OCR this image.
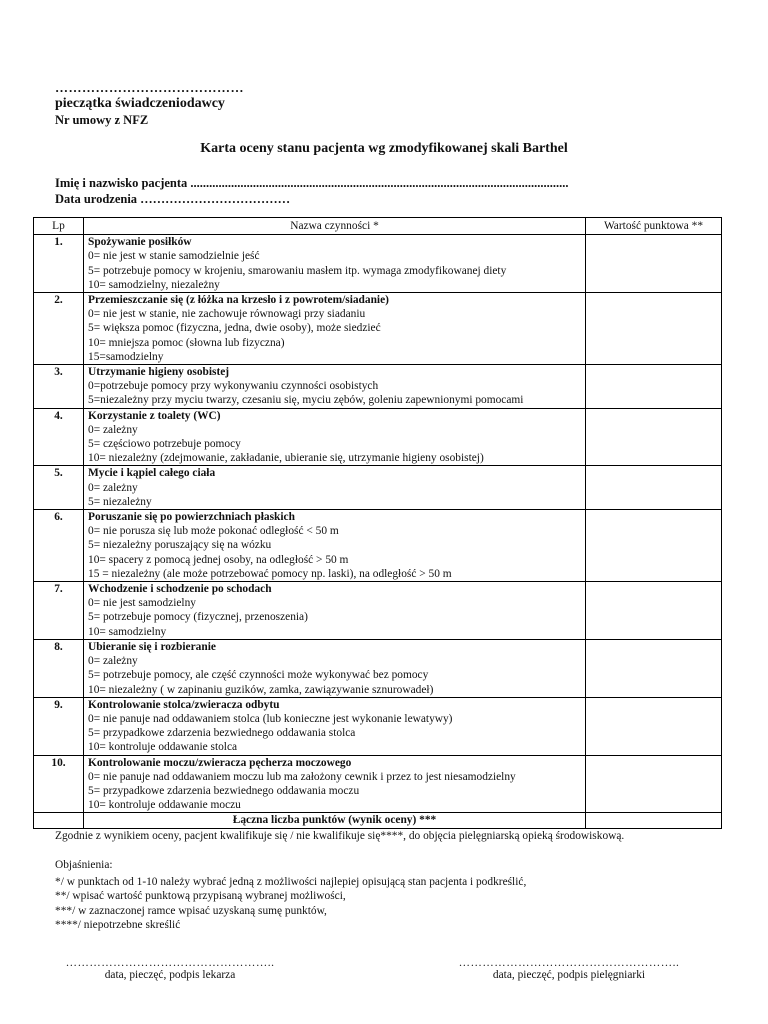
……………………………………
pieczątka świadczeniodawcy
Nr umowy z NFZ
Karta oceny stanu pacjenta wg zmodyfikowanej skali Barthel
Imię i nazwisko pacjenta .........................................................................................................................
Data urodzenia ………………………………
Lp	Nazwa czynności *	Wartość punktowa **
1.	Spożywanie posiłków
0= nie jest w stanie samodzielnie jeść
5= potrzebuje pomocy w krojeniu, smarowaniu masłem itp. wymaga zmodyfikowanej diety
10= samodzielny, niezależny	

2.	Przemieszczanie się (z łóżka na krzesło i z powrotem/siadanie)
0= nie jest w stanie, nie zachowuje równowagi przy siadaniu
5= większa pomoc (fizyczna, jedna, dwie osoby), może siedzieć
10= mniejsza pomoc (słowna lub fizyczna)
15=samodzielny	

3.	Utrzymanie higieny osobistej
0=potrzebuje pomocy przy wykonywaniu czynności osobistych
5=niezależny przy myciu twarzy, czesaniu się, myciu zębów, goleniu zapewnionymi pomocami	

4.	Korzystanie z toalety (WC)
0= zależny
5= częściowo potrzebuje pomocy
10= niezależny (zdejmowanie, zakładanie, ubieranie się, utrzymanie higieny osobistej)	

5.	Mycie i kąpiel całego ciała
0= zależny
5= niezależny	

6.	Poruszanie się po powierzchniach płaskich
0= nie porusza się lub może pokonać odległość < 50 m
5= niezależny poruszający się na wózku
10= spacery z pomocą jednej osoby, na odległość > 50 m
15 = niezależny (ale może potrzebować pomocy np. laski), na odległość > 50 m	

7.	Wchodzenie i schodzenie po schodach
0= nie jest samodzielny
5= potrzebuje pomocy (fizycznej, przenoszenia)
10= samodzielny	

8.	Ubieranie się i rozbieranie
0= zależny
5= potrzebuje pomocy, ale część czynności może wykonywać bez pomocy
10= niezależny ( w zapinaniu guzików, zamka, zawiązywanie sznurowadeł)	

9.	Kontrolowanie stolca/zwieracza odbytu
0= nie panuje nad oddawaniem stolca (lub konieczne jest wykonanie lewatywy)
5= przypadkowe zdarzenia bezwiednego oddawania stolca
10= kontroluje oddawanie stolca	

10.	Kontrolowanie moczu/zwieracza pęcherza moczowego
0= nie panuje nad oddawaniem moczu lub ma założony cewnik i przez to jest niesamodzielny
5= przypadkowe zdarzenia bezwiednego oddawania moczu
10= kontroluje oddawanie moczu	

	Łączna liczba punktów (wynik oceny) ***	
Zgodnie z wynikiem oceny, pacjent kwalifikuje się / nie kwalifikuje się****, do objęcia pielęgniarską opieką środowiskową.
Objaśnienia:
*/ w punktach od 1-10 należy wybrać jedną z możliwości najlepiej opisującą stan pacjenta i podkreślić,
**/ wpisać wartość punktową przypisaną wybranej możliwości,
***/ w zaznaczonej ramce wpisać uzyskaną sumę punktów,
****/ niepotrzebne skreślić
……………………………………………..
data, pieczęć, podpis lekarza
………………………………………………..
data, pieczęć, podpis pielęgniarki
